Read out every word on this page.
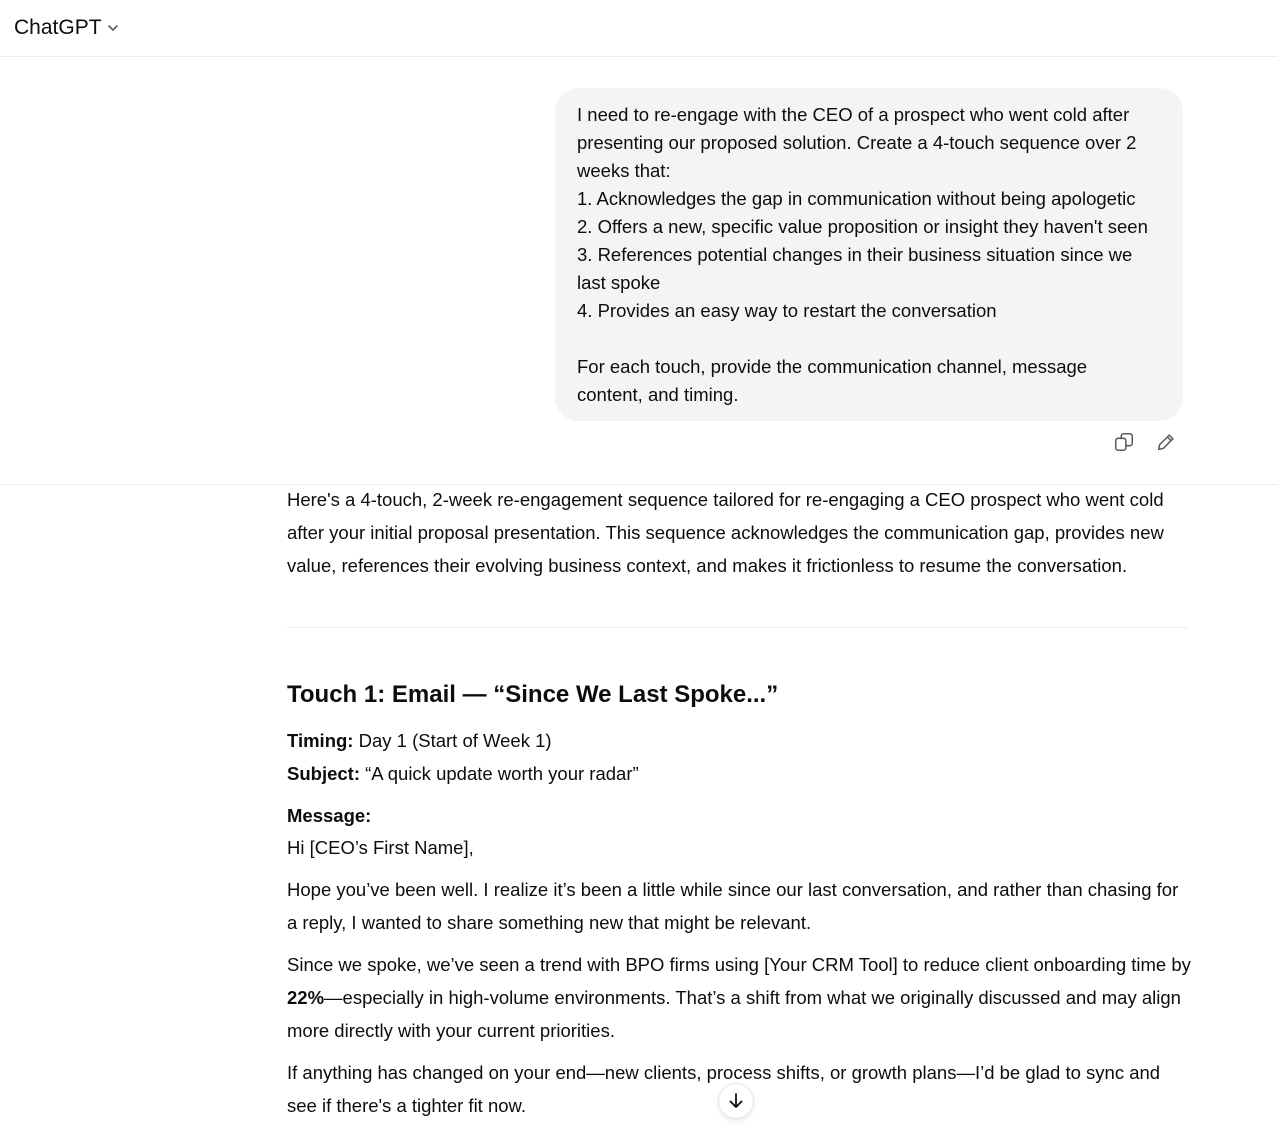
ChatGPT
I need to re-engage with the CEO of a prospect who went cold after
presenting our proposed solution. Create a 4-touch sequence over 2
weeks that:
1. Acknowledges the gap in communication without being apologetic
2. Offers a new, specific value proposition or insight they haven't seen
3. References potential changes in their business situation since we
last spoke
4. Provides an easy way to restart the conversation
For each touch, provide the communication channel, message
content, and timing.

Here's a 4-touch, 2-week re-engagement sequence tailored for re-engaging a CEO prospect who went cold after your initial proposal presentation. This sequence acknowledges the communication gap, provides new value, references their evolving business context, and makes it frictionless to resume the conversation.

Touch 1: Email — “Since We Last Spoke...”
Timing: Day 1 (Start of Week 1)
Subject: “A quick update worth your radar”
Message:
Hi [CEO’s First Name],

Hope you’ve been well. I realize it’s been a little while since our last conversation, and rather than chasing for a reply, I wanted to share something new that might be relevant.

Since we spoke, we’ve seen a trend with BPO firms using [Your CRM Tool] to reduce client onboarding time by 22%—especially in high-volume environments. That’s a shift from what we originally discussed and may align more directly with your current priorities.

If anything has changed on your end—new clients, process shifts, or growth plans—I’d be glad to sync and see if there's a tighter fit now.
